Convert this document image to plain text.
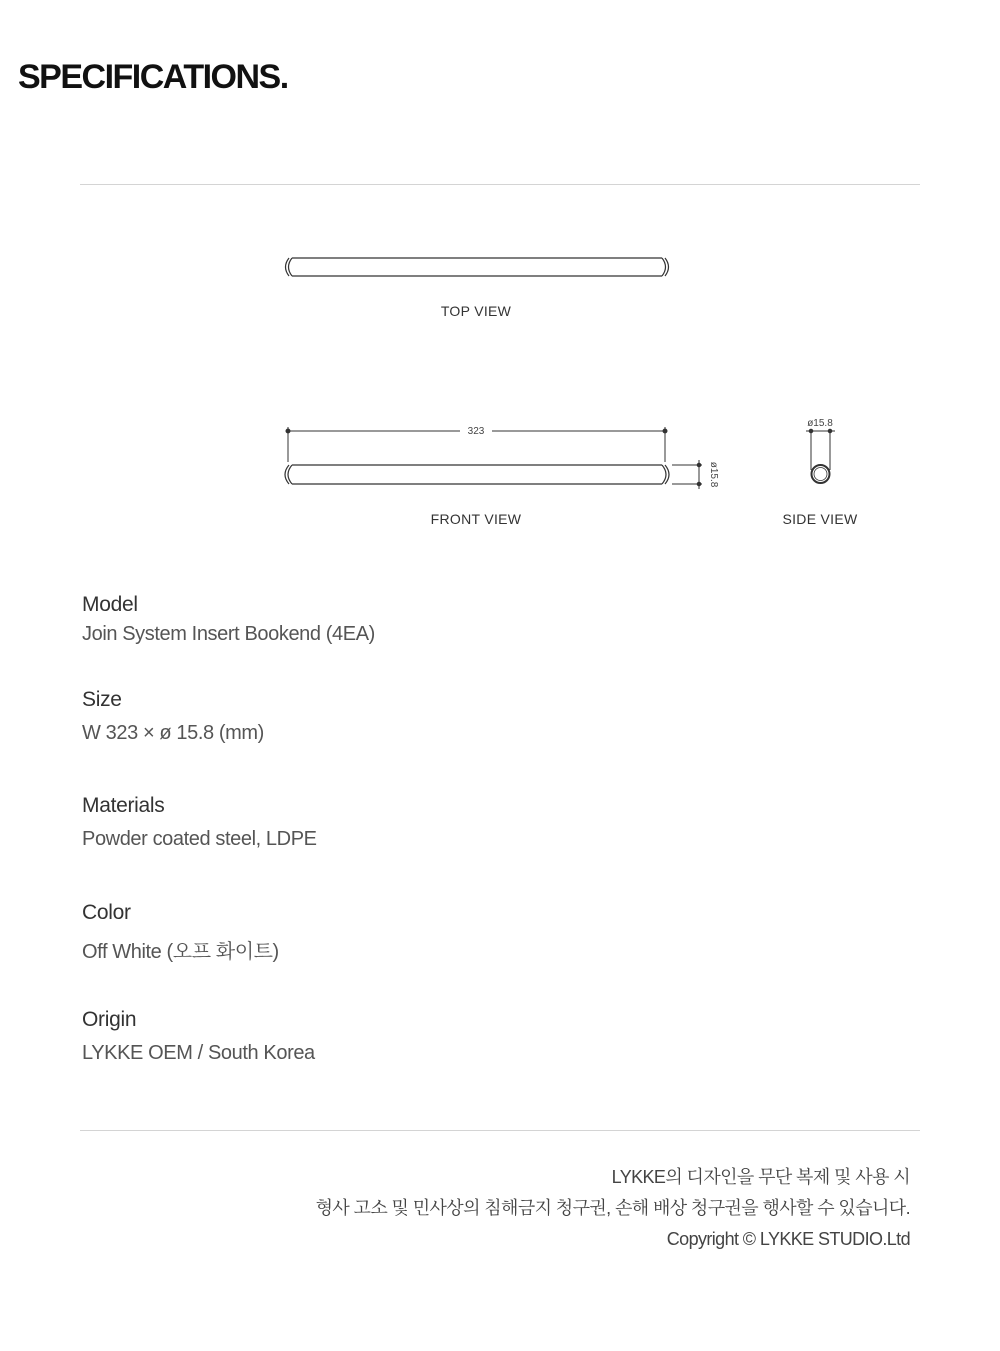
SPECIFICATIONS.
TOP VIEW
323
ø15.8
FRONT VIEW
ø15.8
SIDE VIEW
Model
Join System Insert Bookend (4EA)
Size
W 323 × ø 15.8 (mm)
Materials
Powder coated steel, LDPE
Color
Off White (오프 화이트)
Origin
LYKKE OEM / South Korea
LYKKE의 디자인을 무단 복제 및 사용 시
형사 고소 및 민사상의 침해금지 청구권, 손해 배상 청구권을 행사할 수 있습니다.
Copyright © LYKKE STUDIO.Ltd
